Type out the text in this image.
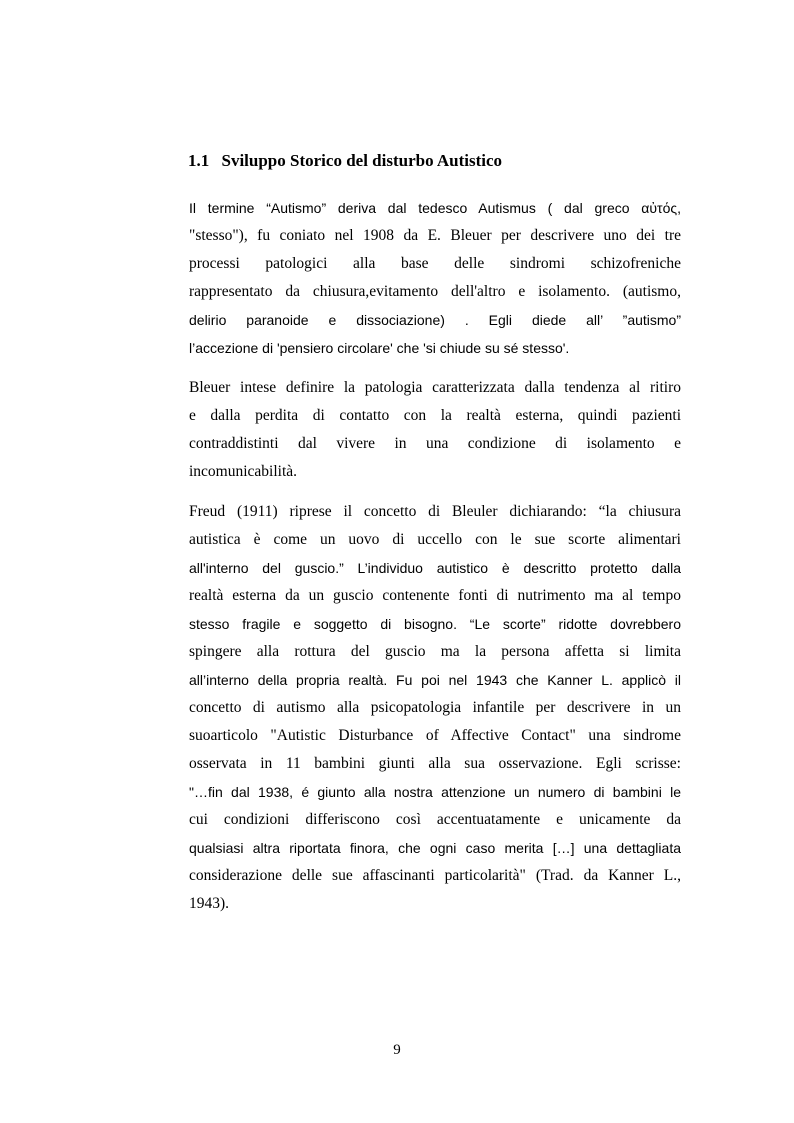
1.1 Sviluppo Storico del disturbo Autistico
Il termine “Autismo” deriva dal tedesco Autismus ( dal greco αὐτός,
"stesso"), fu coniato nel 1908 da E. Bleuer per descrivere uno dei tre
processi patologici alla base delle sindromi schizofreniche
rappresentato da chiusura,evitamento dell'altro e isolamento. (autismo,
delirio paranoide e dissociazione) . Egli diede all’ ”autismo”
l’accezione di 'pensiero circolare' che 'si chiude su sé stesso'.
Bleuer intese definire la patologia caratterizzata dalla tendenza al ritiro
e dalla perdita di contatto con la realtà esterna, quindi pazienti
contraddistinti dal vivere in una condizione di isolamento e
incomunicabilità.
Freud (1911) riprese il concetto di Bleuler dichiarando: “la chiusura
autistica è come un uovo di uccello con le sue scorte alimentari
all'interno del guscio.” L’individuo autistico è descritto protetto dalla
realtà esterna da un guscio contenente fonti di nutrimento ma al tempo
stesso fragile e soggetto di bisogno. “Le scorte” ridotte dovrebbero
spingere alla rottura del guscio ma la persona affetta si limita
all’interno della propria realtà. Fu poi nel 1943 che Kanner L. applicò il
concetto di autismo alla psicopatologia infantile per descrivere in un
suoarticolo "Autistic Disturbance of Affective Contact" una sindrome
osservata in 11 bambini giunti alla sua osservazione. Egli scrisse:
"…fin dal 1938, é giunto alla nostra attenzione un numero di bambini le
cui condizioni differiscono così accentuatamente e unicamente da
qualsiasi altra riportata finora, che ogni caso merita […] una dettagliata
considerazione delle sue affascinanti particolarità" (Trad. da Kanner L.,
1943).
9
